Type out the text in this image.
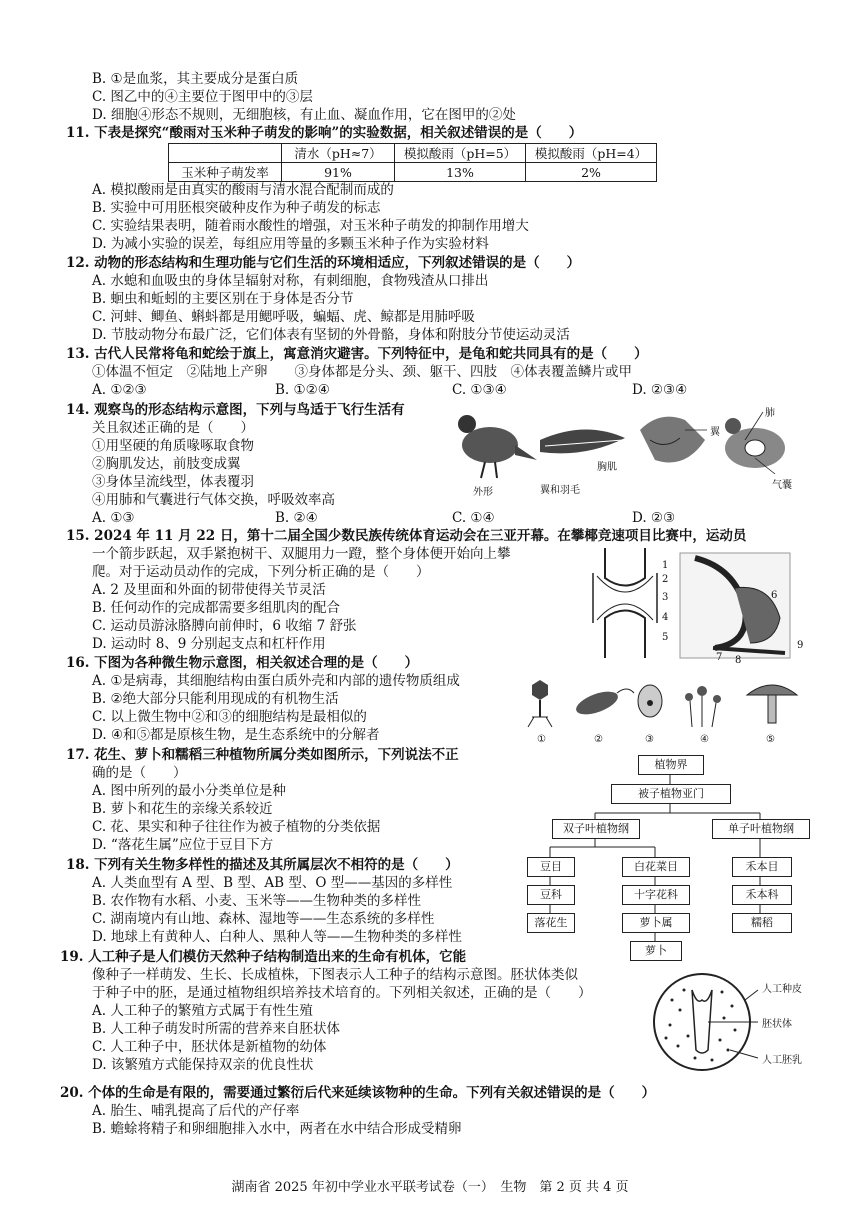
B. ①是血浆，其主要成分是蛋白质
C. 图乙中的④主要位于图甲中的③层
D. 细胞④形态不规则，无细胞核，有止血、凝血作用，它在图甲的②处
11. 下表是探究“酸雨对玉米种子萌发的影响”的实验数据，相关叙述错误的是（　　）
	清水（pH≈7）	模拟酸雨（pH=5）	模拟酸雨（pH=4）
玉米种子萌发率	91%	13%	2%
A. 模拟酸雨是由真实的酸雨与清水混合配制而成的
B. 实验中可用胚根突破种皮作为种子萌发的标志
C. 实验结果表明，随着雨水酸性的增强，对玉米种子萌发的抑制作用增大
D. 为减小实验的误差，每组应用等量的多颗玉米种子作为实验材料
12. 动物的形态结构和生理功能与它们生活的环境相适应，下列叙述错误的是（　　）
A. 水螅和血吸虫的身体呈辐射对称，有刺细胞，食物残渣从口排出
B. 蛔虫和蚯蚓的主要区别在于身体是否分节
C. 河蚌、鲫鱼、蝌蚪都是用鳃呼吸，蝙蝠、虎、鲸都是用肺呼吸
D. 节肢动物分布最广泛，它们体表有坚韧的外骨骼，身体和附肢分节使运动灵活
13. 古代人民常将龟和蛇绘于旗上，寓意消灾避害。下列特征中，是龟和蛇共同具有的是（　　）
①体温不恒定　②陆地上产卵　　③身体都是分头、颈、躯干、四肢　④体表覆盖鳞片或甲
A. ①②③	B. ①②④	C. ①③④	D. ②③④
14. 观察鸟的形态结构示意图，下列与鸟适于飞行生活有
关且叙述正确的是（　　）
①用坚硬的角质喙啄取食物
②胸肌发达，前肢变成翼
③身体呈流线型，体表覆羽
④用肺和气囊进行气体交换，呼吸效率高
A. ①③	B. ②④	C. ①④	D. ②③
外形	翼和羽毛
胸肌
翼
肺
气囊
15. 2024 年 11 月 22 日，第十二届全国少数民族传统体育运动会在三亚开幕。在攀椰竞速项目比赛中，运动员
一个箭步跃起，双手紧抱树干、双腿用力一蹬，整个身体便开始向上攀
爬。对于运动员动作的完成，下列分析正确的是（　　）
A. 2 及里面和外面的韧带使得关节灵活
B. 任何动作的完成都需要多组肌肉的配合
C. 运动员游泳胳膊向前伸时，6 收缩 7 舒张
D. 运动时 8、9 分别起支点和杠杆作用
1
2
3
4
5
6
7 8
9
16. 下图为各种微生物示意图，相关叙述合理的是（　　）
A. ①是病毒，其细胞结构由蛋白质外壳和内部的遗传物质组成
B. ②绝大部分只能利用现成的有机物生活
C. 以上微生物中②和③的细胞结构是最相似的
D. ④和⑤都是原核生物，是生态系统中的分解者	①	②	③	④	⑤
17. 花生、萝卜和糯稻三种植物所属分类如图所示，下列说法不正
确的是（　　）
A. 图中所列的最小分类单位是种
B. 萝卜和花生的亲缘关系较近
C. 花、果实和种子往往作为被子植物的分类依据
D. “落花生属”应位于豆目下方
植物界
被子植物亚门
双子叶植物纲	单子叶植物纲
豆目	白花菜目	禾本目
豆科	十字花科	禾本科
落花生	萝卜属	糯稻
萝卜
18. 下列有关生物多样性的描述及其所属层次不相符的是（　　）
A. 人类血型有 A 型、B 型、AB 型、O 型——基因的多样性
B. 农作物有水稻、小麦、玉米等——生物种类的多样性
C. 湖南境内有山地、森林、湿地等——生态系统的多样性
D. 地球上有黄种人、白种人、黑种人等——生物种类的多样性
19. 人工种子是人们模仿天然种子结构制造出来的生命有机体，它能
像种子一样萌发、生长、长成植株，下图表示人工种子的结构示意图。胚状体类似
于种子中的胚，是通过植物组织培养技术培育的。下列相关叙述，正确的是（　　）
A. 人工种子的繁殖方式属于有性生殖
B. 人工种子萌发时所需的营养来自胚状体
C. 人工种子中，胚状体是新植物的幼体
D. 该繁殖方式能保持双亲的优良性状
人工种皮
胚状体
人工胚乳
20. 个体的生命是有限的，需要通过繁衍后代来延续该物种的生命。下列有关叙述错误的是（　　）
A. 胎生、哺乳提高了后代的产仔率
B. 蟾蜍将精子和卵细胞排入水中，两者在水中结合形成受精卵
湖南省 2025 年初中学业水平联考试卷（一）　生物　第 2 页 共 4 页
